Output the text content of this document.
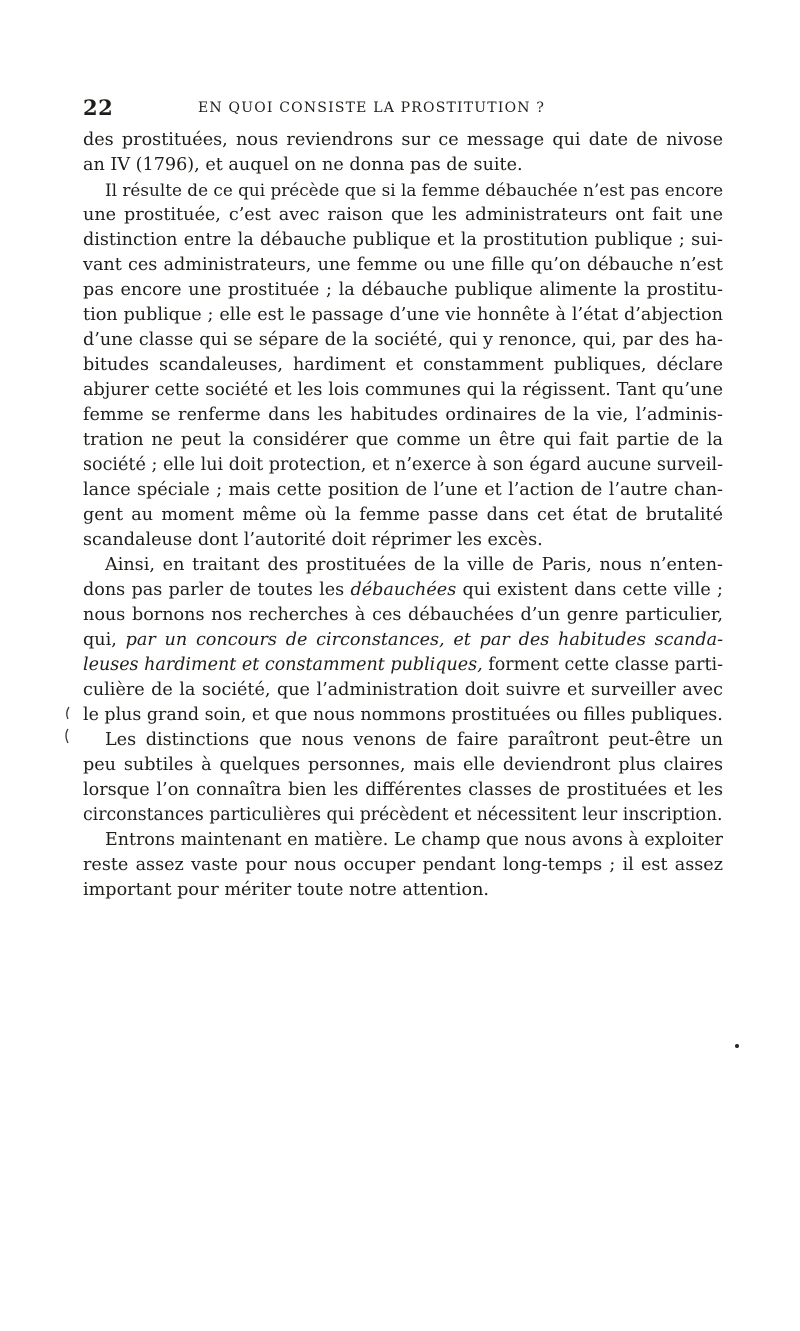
22	EN QUOI CONSISTE LA PROSTITUTION ?
des prostituées, nous reviendrons sur ce message qui date de nivose
an IV (1796), et auquel on ne donna pas de suite.
Il résulte de ce qui précède que si la femme débauchée n’est pas encore
une prostituée, c’est avec raison que les administrateurs ont fait une
distinction entre la débauche publique et la prostitution publique ; sui-
vant ces administrateurs, une femme ou une fille qu’on débauche n’est
pas encore une prostituée ; la débauche publique alimente la prostitu-
tion publique ; elle est le passage d’une vie honnête à l’état d’abjection
d’une classe qui se sépare de la société, qui y renonce, qui, par des ha-
bitudes scandaleuses, hardiment et constamment publiques, déclare
abjurer cette société et les lois communes qui la régissent. Tant qu’une
femme se renferme dans les habitudes ordinaires de la vie, l’adminis-
tration ne peut la considérer que comme un être qui fait partie de la
société ; elle lui doit protection, et n’exerce à son égard aucune surveil-
lance spéciale ; mais cette position de l’une et l’action de l’autre chan-
gent au moment même où la femme passe dans cet état de brutalité
scandaleuse dont l’autorité doit réprimer les excès.
Ainsi, en traitant des prostituées de la ville de Paris, nous n’enten-
dons pas parler de toutes les débauchées qui existent dans cette ville ;
nous bornons nos recherches à ces débauchées d’un genre particulier,
qui, par un concours de circonstances, et par des habitudes scanda-
leuses hardiment et constamment publiques, forment cette classe parti-
culière de la société, que l’administration doit suivre et surveiller avec
le plus grand soin, et que nous nommons prostituées ou filles publiques.
Les distinctions que nous venons de faire paraîtront peut-être un
peu subtiles à quelques personnes, mais elle deviendront plus claires
lorsque l’on connaîtra bien les différentes classes de prostituées et les
circonstances particulières qui précèdent et nécessitent leur inscription.
Entrons maintenant en matière. Le champ que nous avons à exploiter
reste assez vaste pour nous occuper pendant long-temps ; il est assez
important pour mériter toute notre attention.
